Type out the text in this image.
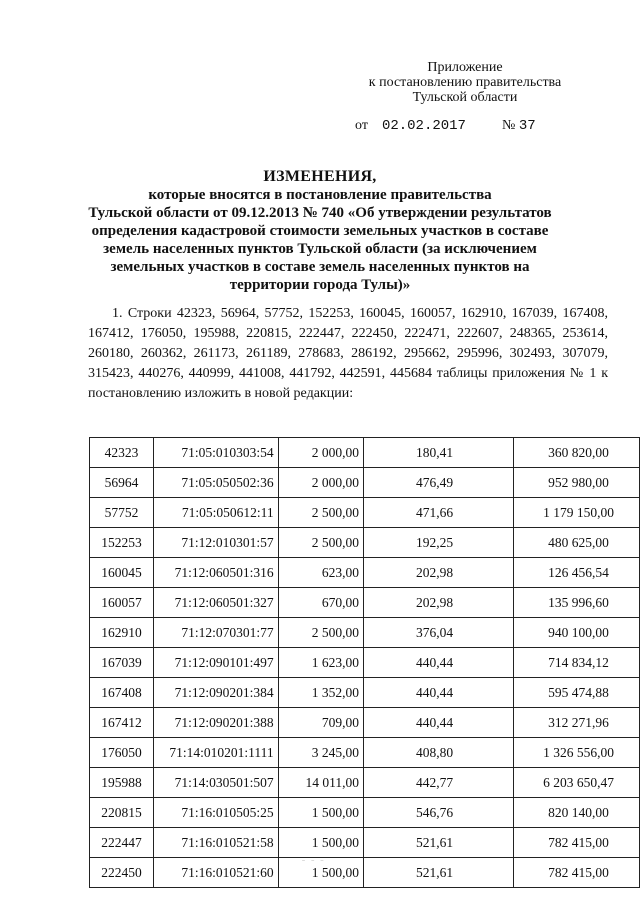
Приложение
к постановлению правительства
Тульской области
от 02.02.2017	№ 37
ИЗМЕНЕНИЯ,
которые вносятся в постановление правительства
Тульской области от 09.12.2013 № 740 «Об утверждении результатов
определения кадастровой стоимости земельных участков в составе
земель населенных пунктов Тульской области (за исключением
земельных участков в составе земель населенных пунктов на
территории города Тулы)»

1. Строки 42323, 56964, 57752, 152253, 160045, 160057, 162910, 167039, 167408, 167412, 176050, 195988, 220815, 222447, 222450, 222471, 222607, 248365, 253614, 260180, 260362, 261173, 261189, 278683, 286192, 295662, 295996, 302493, 307079, 315423, 440276, 440999, 441008, 441792, 442591, 445684 таблицы приложения № 1 к постановлению изложить в новой редакции:

42323	71:05:010303:54	2 000,00	180,41	360 820,00
56964	71:05:050502:36	2 000,00	476,49	952 980,00
57752	71:05:050612:11	2 500,00	471,66	1 179 150,00
152253	71:12:010301:57	2 500,00	192,25	480 625,00
160045	71:12:060501:316	623,00	202,98	126 456,54
160057	71:12:060501:327	670,00	202,98	135 996,60
162910	71:12:070301:77	2 500,00	376,04	940 100,00
167039	71:12:090101:497	1 623,00	440,44	714 834,12
167408	71:12:090201:384	1 352,00	440,44	595 474,88
167412	71:12:090201:388	709,00	440,44	312 271,96
176050	71:14:010201:1111	3 245,00	408,80	1 326 556,00
195988	71:14:030501:507	14 011,00	442,77	6 203 650,47
220815	71:16:010505:25	1 500,00	546,76	820 140,00
222447	71:16:010521:58	1 500,00	521,61	782 415,00
222450	71:16:010521:60	1 500,00	521,61	782 415,00
ˉ ˉ ˉ
